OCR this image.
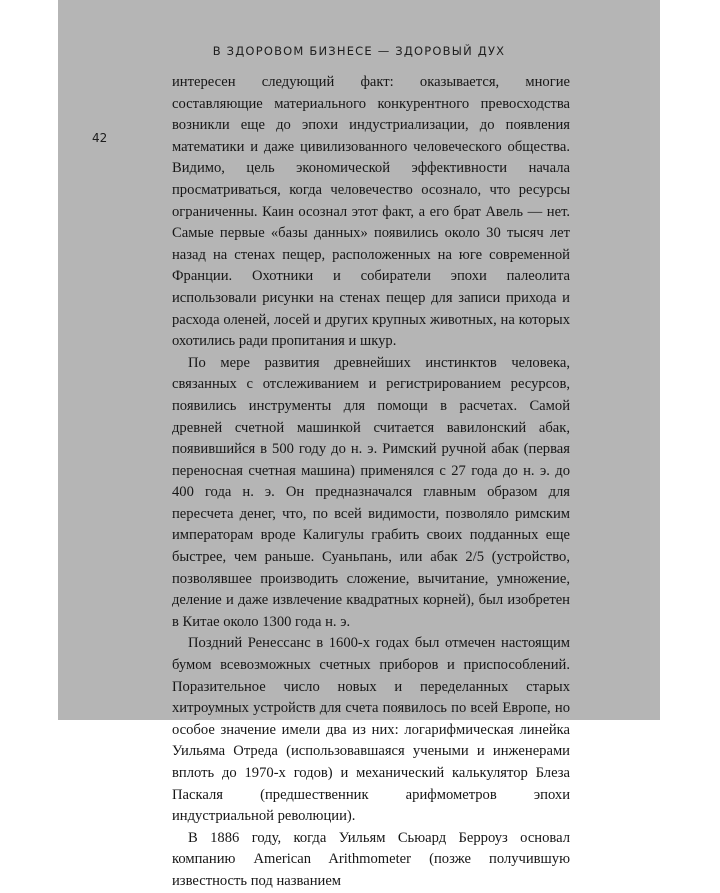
В ЗДОРОВОМ БИЗНЕСЕ — ЗДОРОВЫЙ ДУХ

42

интересен следующий факт: оказывается, многие составляющие материального конкурентного превосходства возникли еще до эпохи индустриализации, до появления математики и даже цивилизованного человеческого общества. Видимо, цель экономической эффективности начала просматриваться, когда человечество осознало, что ресурсы ограниченны. Каин осознал этот факт, а его брат Авель — нет. Самые первые «базы данных» появились около 30 тысяч лет назад на стенах пещер, расположенных на юге современной Франции. Охотники и собиратели эпохи палеолита использовали рисунки на стенах пещер для записи прихода и расхода оленей, лосей и других крупных животных, на которых охотились ради пропитания и шкур.

По мере развития древнейших инстинктов человека, связанных с отслеживанием и регистрированием ресурсов, появились инструменты для помощи в расчетах. Самой древней счетной машинкой считается вавилонский абак, появившийся в 500 году до н. э. Римский ручной абак (первая переносная счетная машина) применялся с 27 года до н. э. до 400 года н. э. Он предназначался главным образом для пересчета денег, что, по всей видимости, позволяло римским императорам вроде Калигулы грабить своих подданных еще быстрее, чем раньше. Суаньпань, или абак 2/5 (устройство, позволявшее производить сложение, вычитание, умножение, деление и даже извлечение квадратных корней), был изобретен в Китае около 1300 года н. э.

Поздний Ренессанс в 1600-х годах был отмечен настоящим бумом всевозможных счетных приборов и приспособлений. Поразительное число новых и переделанных старых хитроумных устройств для счета появилось по всей Европе, но особое значение имели два из них: логарифмическая линейка Уильяма Отреда (использовавшаяся учеными и инженерами вплоть до 1970-х годов) и механический калькулятор Блеза Паскаля (предшественник арифмометров эпохи индустриальной революции).

В 1886 году, когда Уильям Сьюард Берроуз основал компанию American Arithmometer (позже получившую известность под названием
